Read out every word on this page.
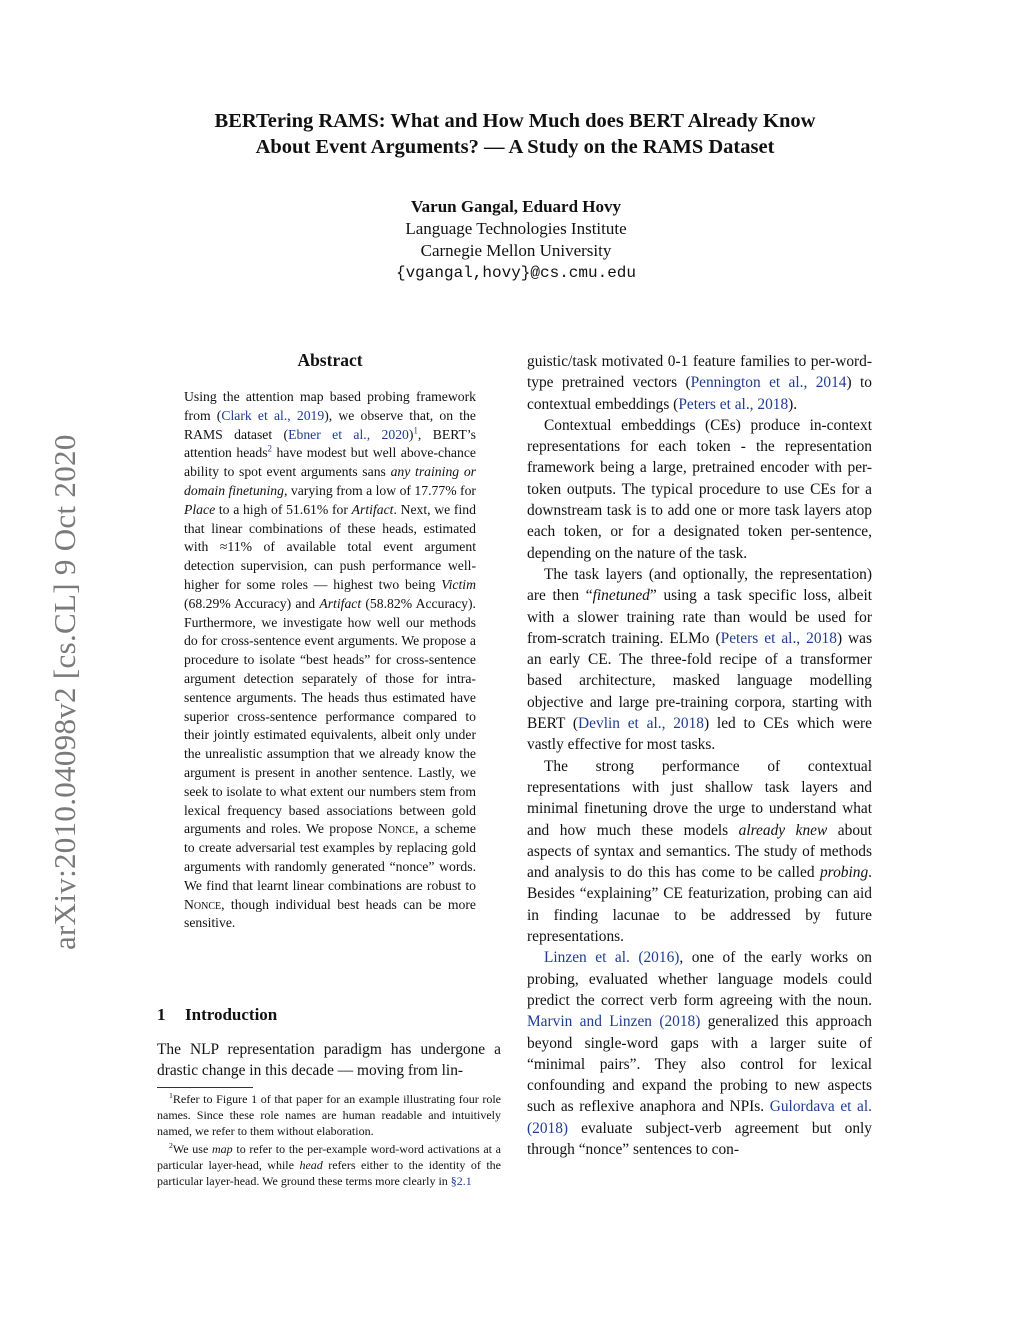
arXiv:2010.04098v2 [cs.CL] 9 Oct 2020
BERTering RAMS: What and How Much does BERT Already Know
About Event Arguments? — A Study on the RAMS Dataset
Varun Gangal, Eduard Hovy
Language Technologies Institute
Carnegie Mellon University
{vgangal,hovy}@cs.cmu.edu
Abstract
Using the attention map based probing framework from (Clark et al., 2019), we observe that, on the RAMS dataset (Ebner et al., 2020)$^1$, BERT’s attention heads$^2$ have modest but well above-chance ability to spot event arguments sans any training or domain finetuning, varying from a low of 17.77% for Place to a high of 51.61% for Artifact. Next, we find that linear combinations of these heads, estimated with ≈11% of available total event argument detection supervision, can push performance well-higher for some roles — highest two being Victim (68.29% Accuracy) and Artifact (58.82% Accuracy). Furthermore, we investigate how well our methods do for cross-sentence event arguments. We propose a procedure to isolate “best heads” for cross-sentence argument detection separately of those for intra-sentence arguments. The heads thus estimated have superior cross-sentence performance compared to their jointly estimated equivalents, albeit only under the unrealistic assumption that we already know the argument is present in another sentence. Lastly, we seek to isolate to what extent our numbers stem from lexical frequency based associations between gold arguments and roles. We propose Nonce, a scheme to create adversarial test examples by replacing gold arguments with randomly generated “nonce” words. We find that learnt linear combinations are robust to Nonce, though individual best heads can be more sensitive.
1 Introduction
The NLP representation paradigm has undergone a drastic change in this decade — moving from lin-

$^1$Refer to Figure 1 of that paper for an example illustrating four role names. Since these role names are human readable and intuitively named, we refer to them without elaboration.

$^2$We use map to refer to the per-example word-word activations at a particular layer-head, while head refers either to the identity of the particular layer-head. We ground these terms more clearly in §2.1

guistic/task motivated 0-1 feature families to per-word-type pretrained vectors (Pennington et al., 2014) to contextual embeddings (Peters et al., 2018).

Contextual embeddings (CEs) produce in-context representations for each token - the representation framework being a large, pretrained encoder with per-token outputs. The typical procedure to use CEs for a downstream task is to add one or more task layers atop each token, or for a designated token per-sentence, depending on the nature of the task.

The task layers (and optionally, the representation) are then “finetuned” using a task specific loss, albeit with a slower training rate than would be used for from-scratch training. ELMo (Peters et al., 2018) was an early CE. The three-fold recipe of a transformer based architecture, masked language modelling objective and large pre-training corpora, starting with BERT (Devlin et al., 2018) led to CEs which were vastly effective for most tasks.

The strong performance of contextual representations with just shallow task layers and minimal finetuning drove the urge to understand what and how much these models already knew about aspects of syntax and semantics. The study of methods and analysis to do this has come to be called probing. Besides “explaining” CE featurization, probing can aid in finding lacunae to be addressed by future representations.

Linzen et al. (2016), one of the early works on probing, evaluated whether language models could predict the correct verb form agreeing with the noun. Marvin and Linzen (2018) generalized this approach beyond single-word gaps with a larger suite of “minimal pairs”. They also control for lexical confounding and expand the probing to new aspects such as reflexive anaphora and NPIs. Gulordava et al. (2018) evaluate subject-verb agreement but only through “nonce” sentences to con-
